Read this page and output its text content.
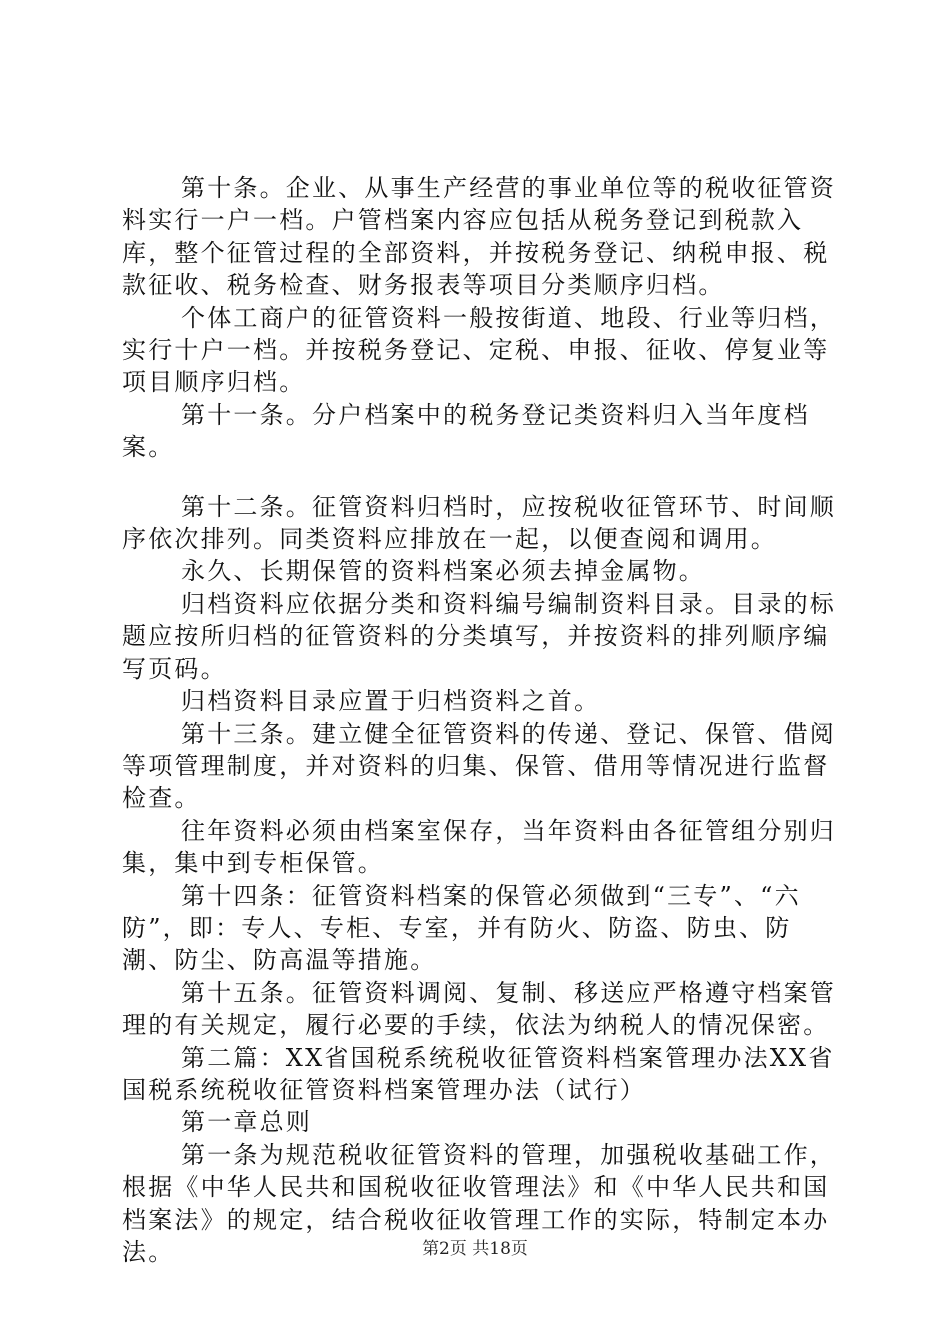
第十条。企业、从事生产经营的事业单位等的税收征管资料实行一户一档。户管档案内容应包括从税务登记到税款入库，整个征管过程的全部资料，并按税务登记、纳税申报、税款征收、税务检查、财务报表等项目分类顺序归档。

个体工商户的征管资料一般按街道、地段、行业等归档，实行十户一档。并按税务登记、定税、申报、征收、停复业等项目顺序归档。

第十一条。分户档案中的税务登记类资料归入当年度档案。

第十二条。征管资料归档时，应按税收征管环节、时间顺序依次排列。同类资料应排放在一起，以便查阅和调用。

永久、长期保管的资料档案必须去掉金属物。

归档资料应依据分类和资料编号编制资料目录。目录的标题应按所归档的征管资料的分类填写，并按资料的排列顺序编写页码。

归档资料目录应置于归档资料之首。

第十三条。建立健全征管资料的传递、登记、保管、借阅等项管理制度，并对资料的归集、保管、借用等情况进行监督检查。

往年资料必须由档案室保存，当年资料由各征管组分别归集，集中到专柜保管。

第十四条：征管资料档案的保管必须做到“三专”、“六防”，即：专人、专柜、专室，并有防火、防盗、防虫、防潮、防尘、防高温等措施。

第十五条。征管资料调阅、复制、移送应严格遵守档案管理的有关规定，履行必要的手续，依法为纳税人的情况保密。

第二篇：XX省国税系统税收征管资料档案管理办法XX省国税系统税收征管资料档案管理办法（试行）

第一章总则

第一条为规范税收征管资料的管理，加强税收基础工作，根据《中华人民共和国税收征收管理法》和《中华人民共和国档案法》的规定，结合税收征收管理工作的实际，特制定本办法。	第2页 共18页
